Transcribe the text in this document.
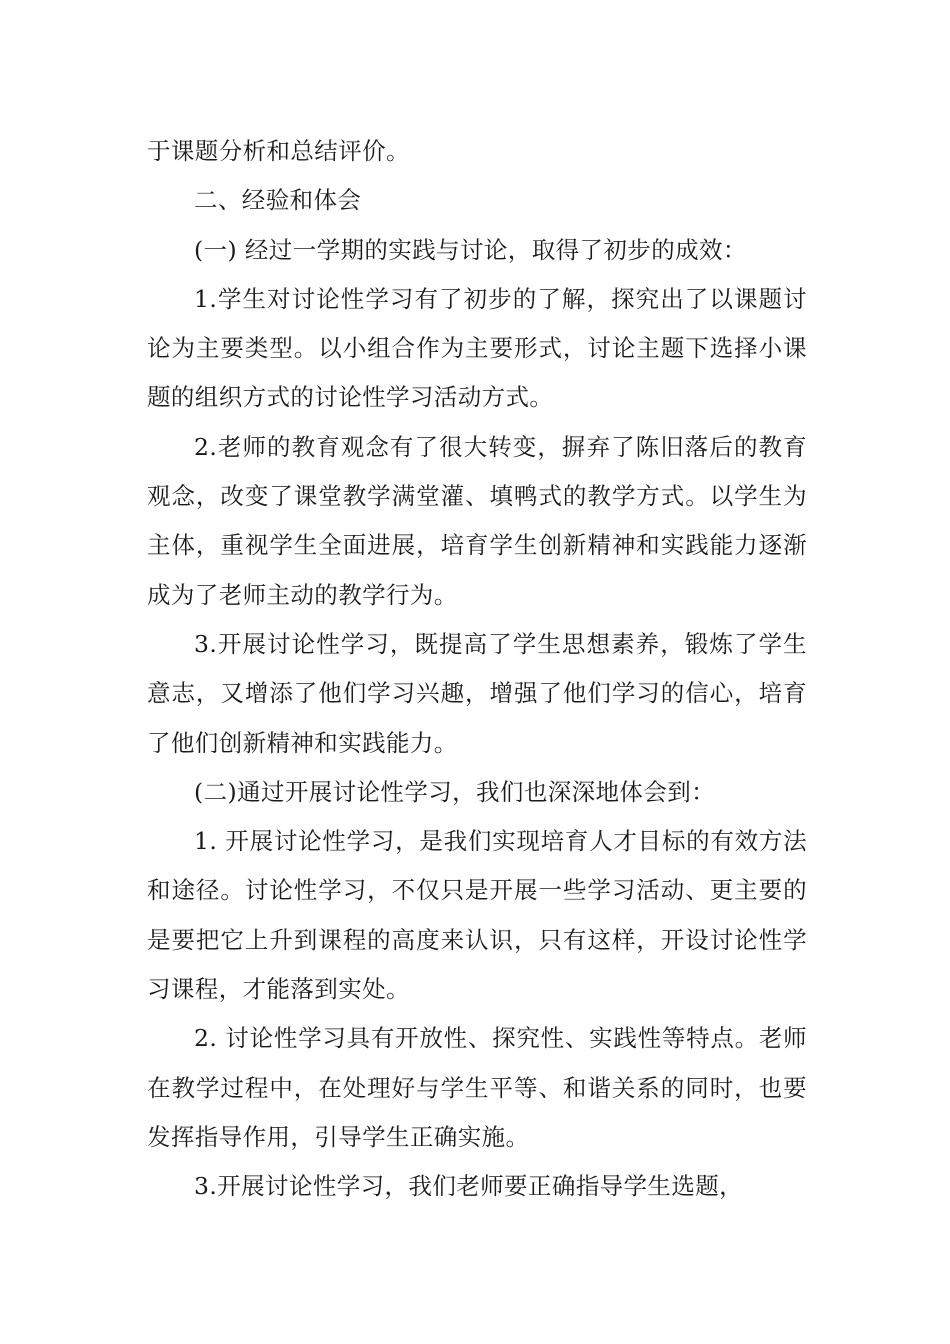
于课题分析和总结评价。

二、经验和体会

(一) 经过一学期的实践与讨论，取得了初步的成效：

1.学生对讨论性学习有了初步的了解，探究出了以课题讨论为主要类型。以小组合作为主要形式，讨论主题下选择小课题的组织方式的讨论性学习活动方式。

2.老师的教育观念有了很大转变，摒弃了陈旧落后的教育观念，改变了课堂教学满堂灌、填鸭式的教学方式。以学生为主体，重视学生全面进展，培育学生创新精神和实践能力逐渐成为了老师主动的教学行为。

3.开展讨论性学习，既提高了学生思想素养，锻炼了学生意志，又增添了他们学习兴趣，增强了他们学习的信心，培育了他们创新精神和实践能力。

(二)通过开展讨论性学习，我们也深深地体会到：

1. 开展讨论性学习，是我们实现培育人才目标的有效方法和途径。讨论性学习，不仅只是开展一些学习活动、更主要的是要把它上升到课程的高度来认识，只有这样，开设讨论性学习课程，才能落到实处。

2. 讨论性学习具有开放性、探究性、实践性等特点。老师在教学过程中，在处理好与学生平等、和谐关系的同时，也要发挥指导作用，引导学生正确实施。

3.开展讨论性学习，我们老师要正确指导学生选题，
